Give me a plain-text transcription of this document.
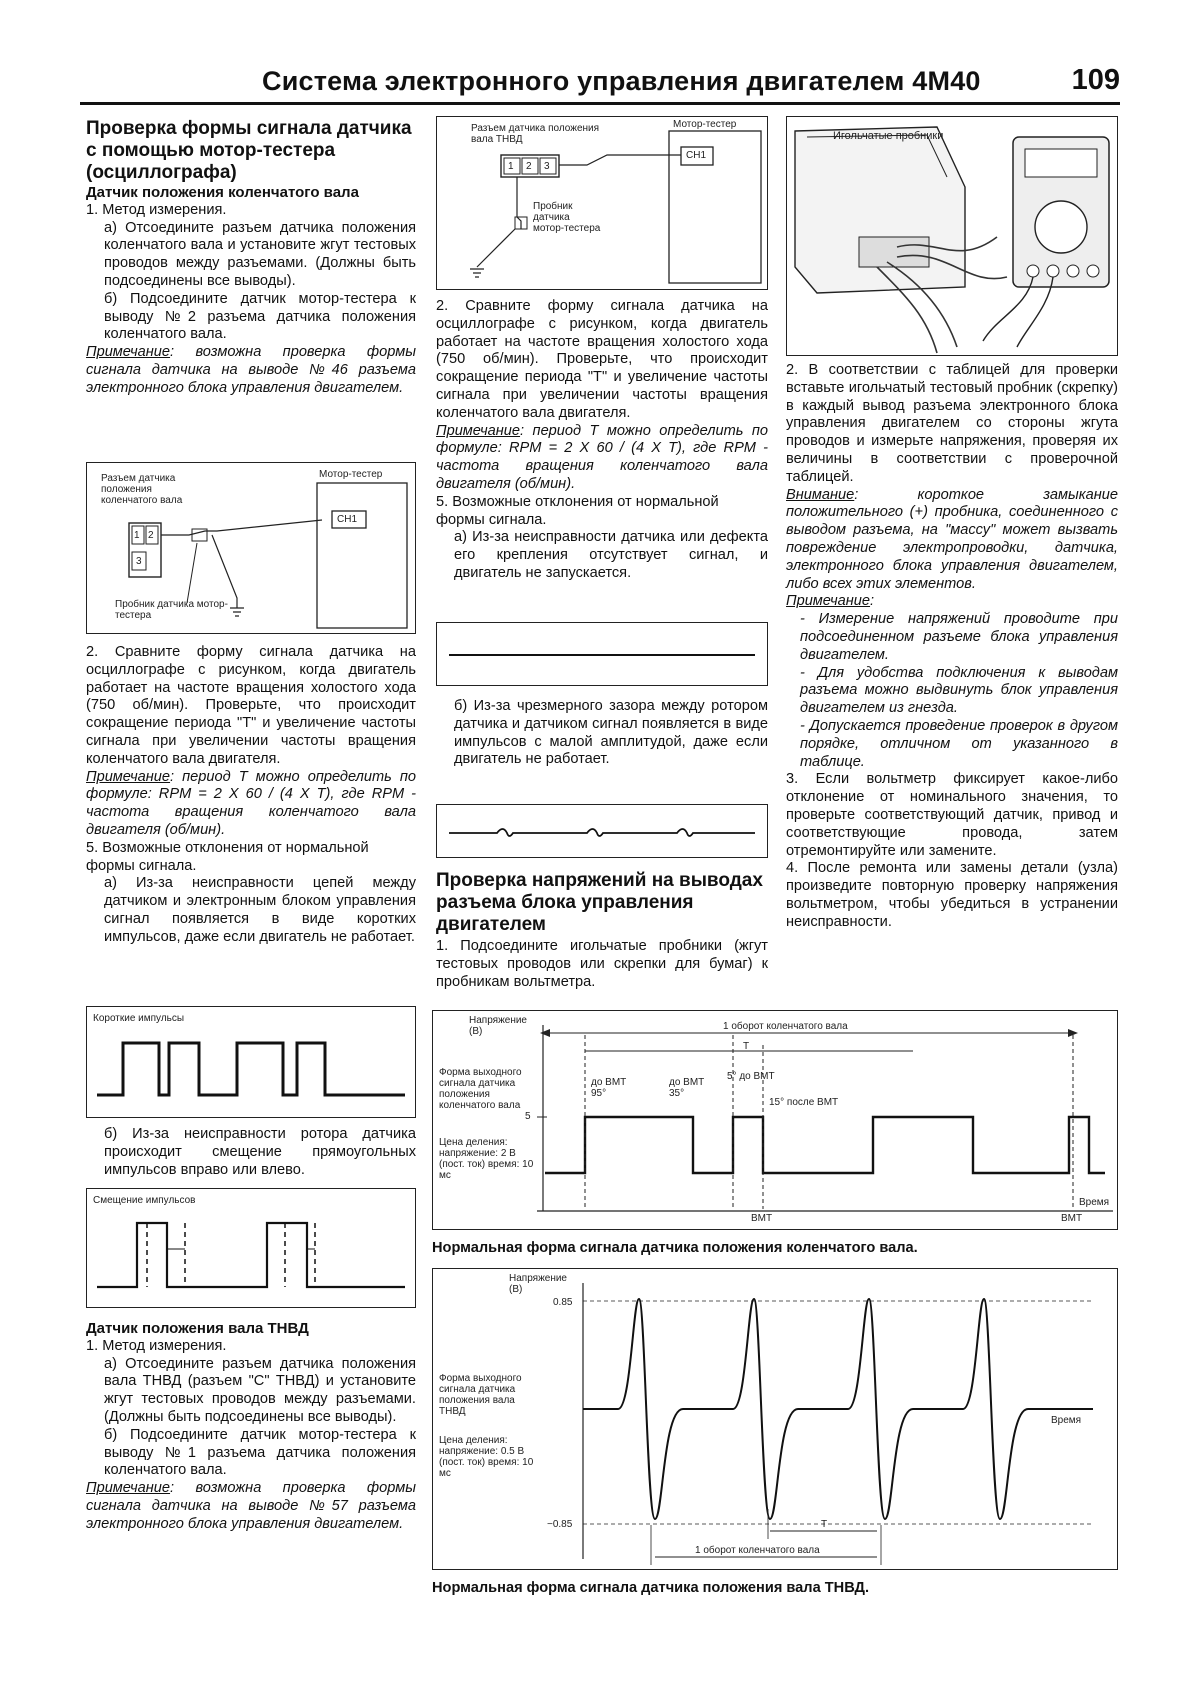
Система электронного управления двигателем 4M40	109

Проверка формы сигнала датчика с помощью мотор-тестера (осциллографа)

Датчик положения коленчатого вала

1. Метод измерения.

а) Отсоедините разъем датчика положения коленчатого вала и установите жгут тестовых проводов между разъемами. (Должны быть подсоединены все выводы).

б) Подсоедините датчик мотор-тестера к выводу №2 разъема датчика положения коленчатого вала.

Примечание: возможна проверка формы сигнала датчика на выводе №46 разъема электронного блока управления двигателем.

Разъем датчика положения коленчатого вала
Мотор-тестер
CH1
1 2
3
Пробник датчика мотор-тестера

2. Сравните форму сигнала датчика на осциллографе с рисунком, когда двигатель работает на частоте вращения холостого хода (750 об/мин). Проверьте, что происходит сокращение периода "T" и увеличение частоты сигнала при увеличении частоты вращения коленчатого вала двигателя.

Примечание: период T можно определить по формуле: RPM = 2 X 60 / (4 X T), где RPM - частота вращения коленчатого вала двигателя (об/мин).

5. Возможные отклонения от нормальной формы сигнала.

а) Из-за неисправности цепей между датчиком и электронным блоком управления сигнал появляется в виде коротких импульсов, даже если двигатель не работает.

Короткие импульсы

б) Из-за неисправности ротора датчика происходит смещение прямоугольных импульсов вправо или влево.

Смещение импульсов

Датчик положения вала ТНВД

1. Метод измерения.

а) Отсоедините разъем датчика положения вала ТНВД (разъем "С" ТНВД) и установите жгут тестовых проводов между разъемами. (Должны быть подсоединены все выводы).

б) Подсоедините датчик мотор-тестера к выводу №1 разъема датчика положения коленчатого вала.

Примечание: возможна проверка формы сигнала датчика на выводе №57 разъема электронного блока управления двигателем.

Разъем датчика положения вала ТНВД
Мотор-тестер
CH1
1 2 3
Пробник датчика мотор-тестера

2. Сравните форму сигнала датчика на осциллографе с рисунком, когда двигатель работает на частоте вращения холостого хода (750 об/мин). Проверьте, что происходит сокращение периода "T" и увеличение частоты сигнала при увеличении частоты вращения коленчатого вала двигателя.

Примечание: период T можно определить по формуле: RPM = 2 X 60 / (4 X T), где RPM - частота вращения коленчатого вала двигателя (об/мин).

5. Возможные отклонения от нормальной формы сигнала.

а) Из-за неисправности датчика или дефекта его крепления отсутствует сигнал, и двигатель не запускается.

б) Из-за чрезмерного зазора между ротором датчика и датчиком сигнал появляется в виде импульсов с малой амплитудой, даже если двигатель не работает.

Проверка напряжений на выводах разъема блока управления двигателем

1. Подсоедините игольчатые пробники (жгут тестовых проводов или скрепки для бумаг) к пробникам вольтметра.

Игольчатые пробники

2. В соответствии с таблицей для проверки вставьте игольчатый тестовый пробник (скрепку) в каждый вывод разъема электронного блока управления двигателем со стороны жгута проводов и измерьте напряжения, проверяя их величины в соответствии с проверочной таблицей.

Внимание: короткое замыкание положительного (+) пробника, соединенного с выводом разъема, на "массу" может вызвать повреждение электропроводки, датчика, электронного блока управления двигателем, либо всех этих элементов.

Примечание:

- Измерение напряжений проводите при подсоединенном разъеме блока управления двигателем.

- Для удобства подключения к выводам разъема можно выдвинуть блок управления двигателем из гнезда.

- Допускается проведение проверок в другом порядке, отличном от указанного в таблице.

3. Если вольтметр фиксирует какое-либо отклонение от номинального значения, то проверьте соответствующий датчик, привод и соответствующие провода, затем отремонтируйте или замените.

4. После ремонта или замены детали (узла) произведите повторную проверку напряжения вольтметром, чтобы убедиться в устранении неисправности.

Напряжение (В)	1 оборот коленчатого вала
T
5
Форма выходного сигнала датчика положения коленчатого вала
Цена деления: напряжение: 2 В (пост. ток) время: 10 мс
до ВМТ 95°
до ВМТ 35°
5° до ВМТ
15° после ВМТ
ВМТ	ВМТ
Время
Нормальная форма сигнала датчика положения коленчатого вала.
Напряжение (В)
0.85
−0.85
Форма выходного сигнала датчика положения вала ТНВД
Цена деления: напряжение: 0.5 В (пост. ток) время: 10 мс
Время
T
1 оборот коленчатого вала
Нормальная форма сигнала датчика положения вала ТНВД.
